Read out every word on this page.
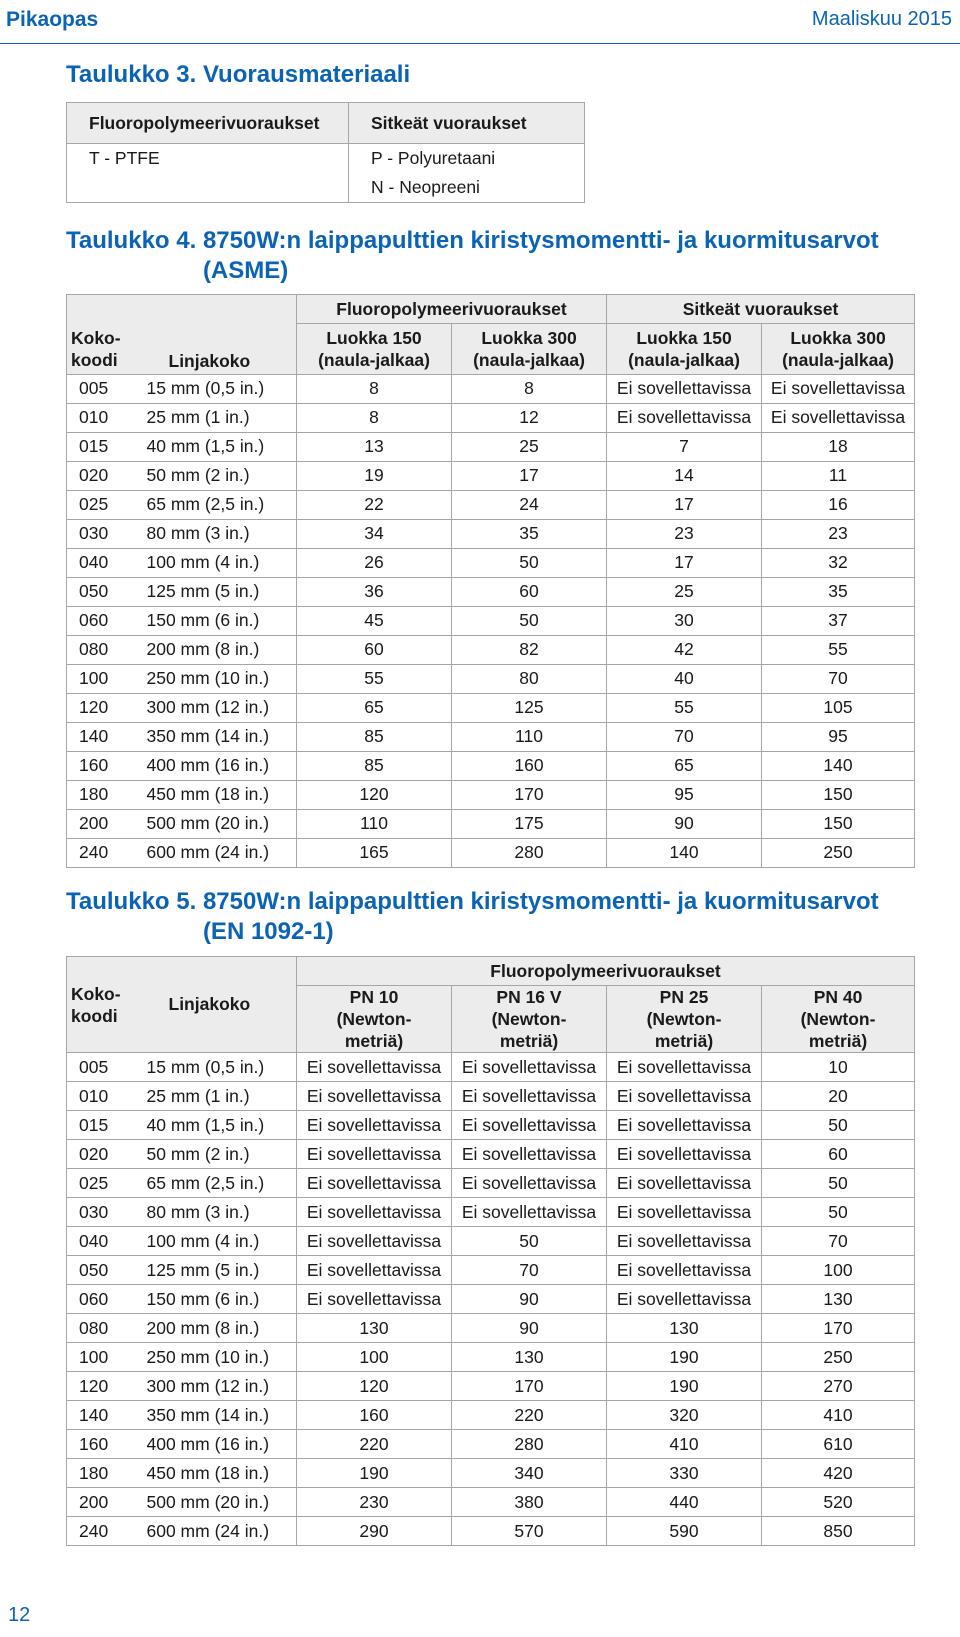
Pikaopas	Maaliskuu 2015
Taulukko 3. Vuorausmateriaali
Fluoropolymeerivuoraukset	Sitkeät vuoraukset
T - PTFE	P - Polyuretaani
	N - Neopreeni
Taulukko 4. 8750W:n laippapulttien kiristysmomentti- ja kuormitusarvot
(ASME)
		Fluoropolymeerivuoraukset		Sitkeät vuoraukset	
Koko-
koodi	Linjakoko	Luokka 150
(naula-jalkaa)	Luokka 300
(naula-jalkaa)	Luokka 150
(naula-jalkaa)	Luokka 300
(naula-jalkaa)
005	15 mm (0,5 in.)	8	8	Ei sovellettavissa	Ei sovellettavissa
010	25 mm (1 in.)	8	12	Ei sovellettavissa	Ei sovellettavissa
015	40 mm (1,5 in.)	13	25	7	18
020	50 mm (2 in.)	19	17	14	11
025	65 mm (2,5 in.)	22	24	17	16
030	80 mm (3 in.)	34	35	23	23
040	100 mm (4 in.)	26	50	17	32
050	125 mm (5 in.)	36	60	25	35
060	150 mm (6 in.)	45	50	30	37
080	200 mm (8 in.)	60	82	42	55
100	250 mm (10 in.)	55	80	40	70
120	300 mm (12 in.)	65	125	55	105
140	350 mm (14 in.)	85	110	70	95
160	400 mm (16 in.)	85	160	65	140
180	450 mm (18 in.)	120	170	95	150
200	500 mm (20 in.)	110	175	90	150
240	600 mm (24 in.)	165	280	140	250
Taulukko 5. 8750W:n laippapulttien kiristysmomentti- ja kuormitusarvot
(EN 1092-1)
Koko-
koodi	Linjakoko	Fluoropolymeerivuoraukset			
		PN 10
(Newton-
metriä)	PN 16 V
(Newton-
metriä)	PN 25
(Newton-
metriä)	PN 40
(Newton-
metriä)
005	15 mm (0,5 in.)	Ei sovellettavissa	Ei sovellettavissa	Ei sovellettavissa	10
010	25 mm (1 in.)	Ei sovellettavissa	Ei sovellettavissa	Ei sovellettavissa	20
015	40 mm (1,5 in.)	Ei sovellettavissa	Ei sovellettavissa	Ei sovellettavissa	50
020	50 mm (2 in.)	Ei sovellettavissa	Ei sovellettavissa	Ei sovellettavissa	60
025	65 mm (2,5 in.)	Ei sovellettavissa	Ei sovellettavissa	Ei sovellettavissa	50
030	80 mm (3 in.)	Ei sovellettavissa	Ei sovellettavissa	Ei sovellettavissa	50
040	100 mm (4 in.)	Ei sovellettavissa	50	Ei sovellettavissa	70
050	125 mm (5 in.)	Ei sovellettavissa	70	Ei sovellettavissa	100
060	150 mm (6 in.)	Ei sovellettavissa	90	Ei sovellettavissa	130
080	200 mm (8 in.)	130	90	130	170
100	250 mm (10 in.)	100	130	190	250
120	300 mm (12 in.)	120	170	190	270
140	350 mm (14 in.)	160	220	320	410
160	400 mm (16 in.)	220	280	410	610
180	450 mm (18 in.)	190	340	330	420
200	500 mm (20 in.)	230	380	440	520
240	600 mm (24 in.)	290	570	590	850
12
